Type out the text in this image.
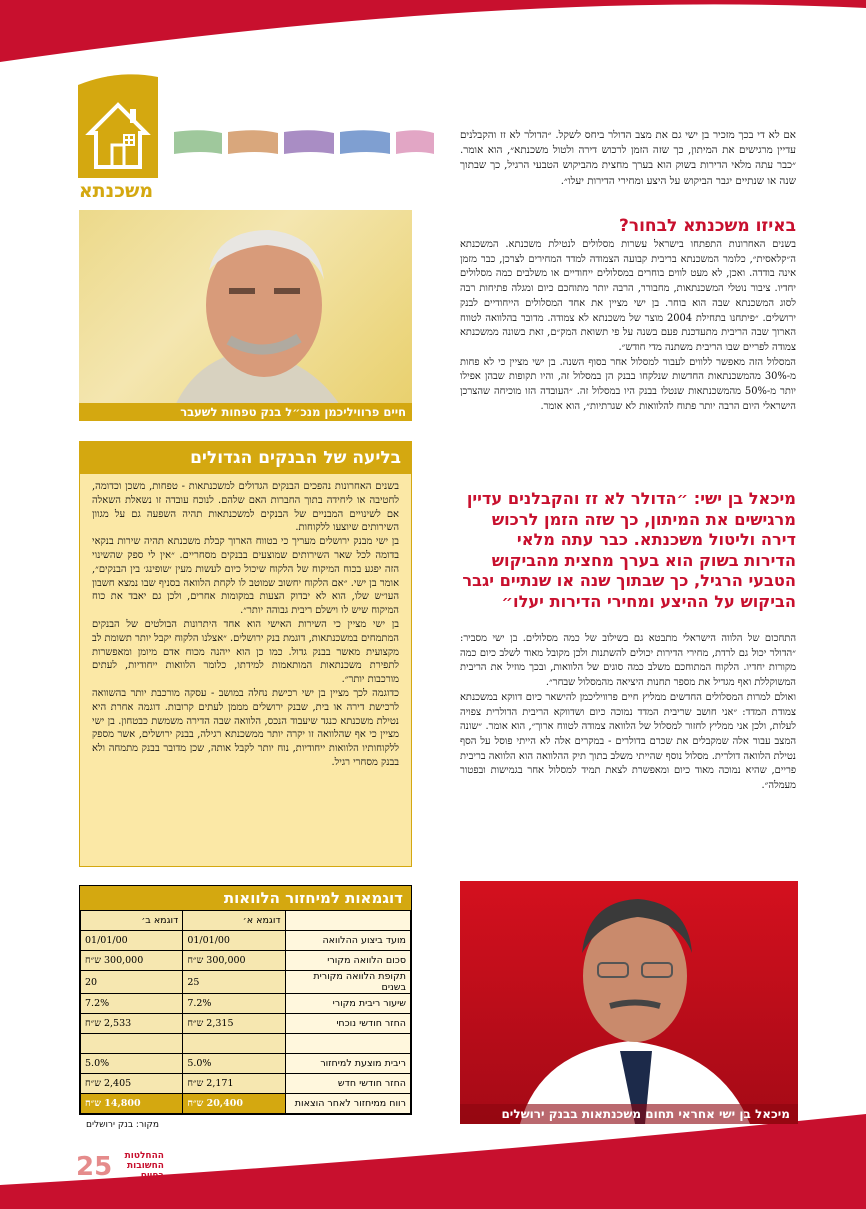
משכנתא
חיים פרוויליכמן מנכ״ל בנק טפחות לשעבר
בליעה של הבנקים הגדולים

בשנים האחרונות נהפכים הבנקים הגדולים למשכנתאות - טפחות, משכן וכדומה, לחטיבה או ליחידה בתוך החברות האם שלהם. לנוכח עובדה זו נשאלת השאלה אם לשינויים המבניים של הבנקים למשכנתאות תהיה השפעה גם על מגוון השירותים שיוצעו ללקוחות.

בן ישי מבנק ירושלים מעריך כי בטווח הארוך קבלת משכנתא תהיה שירות בנקאי בדומה לכל שאר השירותים שמוצעים בבנקים מסחריים. ״אין לי ספק שהשינוי הזה יפגע בכוח המיקוח של הלקוח שיכול כיום לעשות מעין ׳שופינג׳ בין הבנקים״, אומר בן ישי. ״אם הלקוח יחשוב שמוטב לו לקחת הלוואה בסניף שבו נמצא חשבון העו״ש שלו, הוא לא יבדוק הצעות במקומות אחרים, ולכן גם יאבד את כוח המיקוח שיש לו וישלם ריבית גבוהה יותר״.

בן ישי מציין כי השירות האישי הוא אחד היתרונות הבולטים של הבנקים המתמחים במשכנתאות, דוגמת בנק ירושלים. ״אצלנו הלקוח יקבל יותר תשומת לב מקצועית מאשר בבנק גדול. כמו כן הוא ייהנה מכוח אדם מיומן ומאפשרות לתפירת משכנתאות המותאמות למידתו, כלומר הלוואות ייחודיות, לעתים מורכבות יותר״.

כדוגמה לכך מציין בן ישי רכישת נחלה במושב - עסקה מורכבת יותר בהשוואה לרכישת דירה או בית, שבנק ירושלים מממן לעתים קרובות. דוגמה אחרת היא נטילת משכנתא כנגד שיעבוד הנכס, הלוואה שבה הדירה משמשת כבטחון. בן ישי מציין כי אף שהלוואה זו יקרה יותר ממשכנתא רגילה, בבנק ירושלים, אשר מספק ללקוחותיו הלוואות ייחודיות, נוח יותר לקבל אותה, שכן מדובר בבנק מתמחה ולא בבנק מסחרי רגיל.

דוגמאות למיחזור הלוואות
	דוגמא א׳	דוגמא ב׳
מועד ביצוע ההלוואה	01/01/00	01/01/00
סכום הלוואה מקורי	300,000 ש״ח	300,000 ש״ח
תקופת הלוואה מקורית בשנים	25	20
שיעור ריבית מקורי	7.2%	7.2%
החזר חודשי נוכחי	2,315 ש״ח	2,533 ש״ח

ריבית מוצעת למיחזור	5.0%	5.0%
החזר חודשי חדש	2,171 ש״ח	2,405 ש״ח
רווח ממיחזור לאחר הוצאות	20,400 ש״ח	14,800 ש״ח
מקור: בנק ירושלים
25	ההחלטות
החשובות
בחיים

אם לא די בכך מזכיר בן ישי גם את מצב הדולר ביחס לשקל. ״הדולר לא זז והקבלנים עדיין מרגישים את המיתון, כך שזה הזמן לרכוש דירה ולטול משכנתא״, הוא אומר. ״כבר עתה מלאי הדירות בשוק הוא בערך מחצית מהביקוש הטבעי הרגיל, כך שבתוך שנה או שנתיים יגבר הביקוש על היצע ומחירי הדירות יעלו״.

באיזו משכנתא לבחור?

בשנים האחרונות התפתחו בישראל עשרות מסלולים לנטילת משכנתא. המשכנתא ה״קלאסית״, כלומר המשכנתא בריבית קבועה הצמודה למדד המחירים לצרכן, כבר מזמן אינה בודדה. ואכן, לא מעט לווים בוחרים במסלולים ייחודיים או משלבים כמה מסלולים יחדיו. ציבור נוטלי המשכנתאות, מחבורר, הרבה יותר מתוחכם כיום ומגלה פתיחות רבה לסוג המשכנתא שבה הוא בוחר. בן ישי מציין את אחד המסלולים הייחודיים לבנק ירושלים. ״פיתחנו בתחילת 2004 מוצר של משכנתא לא צמודה. מדובר בהלוואה לטווח הארוך שבה הריבית מתעדכנת פעם בשנה על פי תשואת המק״ם, זאת בשונה ממשכנתא צמודה לפריים שבו הריבית משתנה מדי חודש״.

המסלול הזה מאפשר ללווים לעבור למסלול אחר בסוף השנה. בן ישי מציין כי לא פחות מ-30% מהמשכנתאות החדשות שנלקחו בבנק הן במסלול זה, והיו תקופות שבהן אפילו יותר מ-50% מהמשכנתאות שנטלו בבנק היו במסלול זה. ״העובדה הזו מוכיחה שהצרכן הישראלי היום הרבה יותר פתוח להלוואות לא שגרתיות״, הוא אומר.

מיכאל בן ישי: ״הדולר לא זז והקבלנים עדיין מרגישים את המיתון, כך שזה הזמן לרכוש דירה וליטול משכנתא. כבר עתה מלאי הדירות בשוק הוא בערך מחצית מהביקוש הטבעי הרגיל, כך שבתוך שנה או שנתיים יגבר הביקוש על ההיצע ומחירי הדירות יעלו״

התחכום של הלווה הישראלי מתבטא גם בשילוב של כמה מסלולים. בן ישי מסביר: ״הדולר יכול גם לרדת, מחירי הדירות יכולים להשתנות ולכן מקובל מאוד לשלב כיום כמה מקורות יחדיו. הלקוח המתוחכם משלב כמה סוגים של הלוואות, ובכך מוזיל את הריבית המשוקללת ואף מגדיל את מספר תחנות היציאה מהמסלול שבחר״.

ואולם למרות המסלולים החדשים ממליץ חיים פרוויליכמן להישאר כיום דווקא במשכנתא צמודת המדד: ״אני חושב שריבית המדד נמוכה כיום ושדווקא הריבית הדולרית צפויה לעלות, ולכן אני ממליץ לחזור למסלול של הלוואה צמודה לטווח ארוך״, הוא אומר. ״שונה המצב עבור אלה שמקבלים את שכרם בדולרים - במקרים אלה לא הייתי פוסל על הסף נטילת הלוואה דולרית. מסלול נוסף שהייתי משלב בתוך תיק ההלוואה הוא הלוואה בריבית פריים, שהיא נמוכה מאוד כיום ומאפשרת לצאת תמיד למסלול אחר בגמישות ובפטור מעמלה״.

מיכאל בן ישי אחראי תחום משכנתאות בבנק ירושלים
